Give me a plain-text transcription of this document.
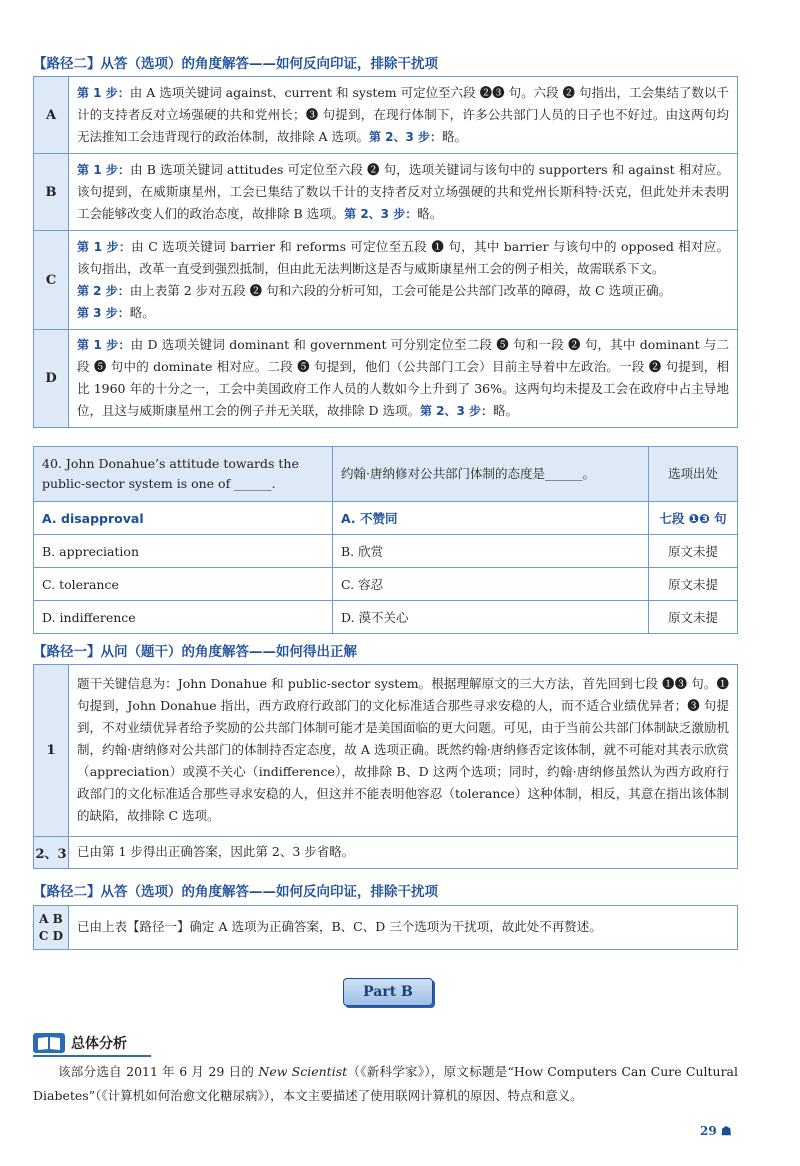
【路径二】从答（选项）的角度解答——如何反向印证，排除干扰项
A	第 1 步：由 A 选项关键词 against、current 和 system 可定位至六段 ❷❸ 句。六段 ❷ 句指出，工会集结了数以千计的支持者反对立场强硬的共和党州长；❸ 句提到，在现行体制下，许多公共部门人员的日子也不好过。由这两句均无法推知工会违背现行的政治体制，故排除 A 选项。第 2、3 步：略。
B	第 1 步：由 B 选项关键词 attitudes 可定位至六段 ❷ 句，选项关键词与该句中的 supporters 和 against 相对应。该句提到，在威斯康星州，工会已集结了数以千计的支持者反对立场强硬的共和党州长斯科特·沃克，但此处并未表明工会能够改变人们的政治态度，故排除 B 选项。第 2、3 步：略。
C	第 1 步：由 C 选项关键词 barrier 和 reforms 可定位至五段 ❶ 句，其中 barrier 与该句中的 opposed 相对应。该句指出，改革一直受到强烈抵制，但由此无法判断这是否与威斯康星州工会的例子相关，故需联系下文。
第 2 步：由上表第 2 步对五段 ❷ 句和六段的分析可知，工会可能是公共部门改革的障碍，故 C 选项正确。
第 3 步：略。
D	第 1 步：由 D 选项关键词 dominant 和 government 可分别定位至二段 ❺ 句和一段 ❷ 句，其中 dominant 与二段 ❺ 句中的 dominate 相对应。二段 ❺ 句提到，他们（公共部门工会）目前主导着中左政治。一段 ❷ 句提到，相比 1960 年的十分之一，工会中美国政府工作人员的人数如今上升到了 36%。这两句均未提及工会在政府中占主导地位，且这与威斯康星州工会的例子并无关联，故排除 D 选项。第 2、3 步：略。
40. John Donahue’s attitude towards the public-sector system is one of ______.	约翰·唐纳修对公共部门体制的态度是______。	选项出处
A. disapproval	A. 不赞同	七段 ❶❸ 句
B. appreciation	B. 欣赏	原文未提
C. tolerance	C. 容忍	原文未提
D. indifference	D. 漠不关心	原文未提
【路径一】从问（题干）的角度解答——如何得出正解
1	题干关键信息为：John Donahue 和 public-sector system。根据理解原文的三大方法，首先回到七段 ❶❸ 句。❶ 句提到，John Donahue 指出，西方政府行政部门的文化标准适合那些寻求安稳的人，而不适合业绩优异者；❸ 句提到，不对业绩优异者给予奖励的公共部门体制可能才是美国面临的更大问题。可见，由于当前公共部门体制缺乏激励机制，约翰·唐纳修对公共部门的体制持否定态度，故 A 选项正确。既然约翰·唐纳修否定该体制，就不可能对其表示欣赏（appreciation）或漠不关心（indifference），故排除 B、D 这两个选项；同时，约翰·唐纳修虽然认为西方政府行政部门的文化标准适合那些寻求安稳的人，但这并不能表明他容忍（tolerance）这种体制，相反，其意在指出该体制的缺陷，故排除 C 选项。
2、3	已由第 1 步得出正确答案，因此第 2、3 步省略。
【路径二】从答（选项）的角度解答——如何反向印证，排除干扰项
A B
C D	已由上表【路径一】确定 A 选项为正确答案，B、C、D 三个选项为干扰项，故此处不再赘述。
Part B
总体分析
该部分选自 2011 年 6 月 29 日的 New Scientist（《新科学家》），原文标题是“How Computers Can Cure Cultural Diabetes”（《计算机如何治愈文化糖尿病》），本文主要描述了使用联网计算机的原因、特点和意义。
29 ☗
